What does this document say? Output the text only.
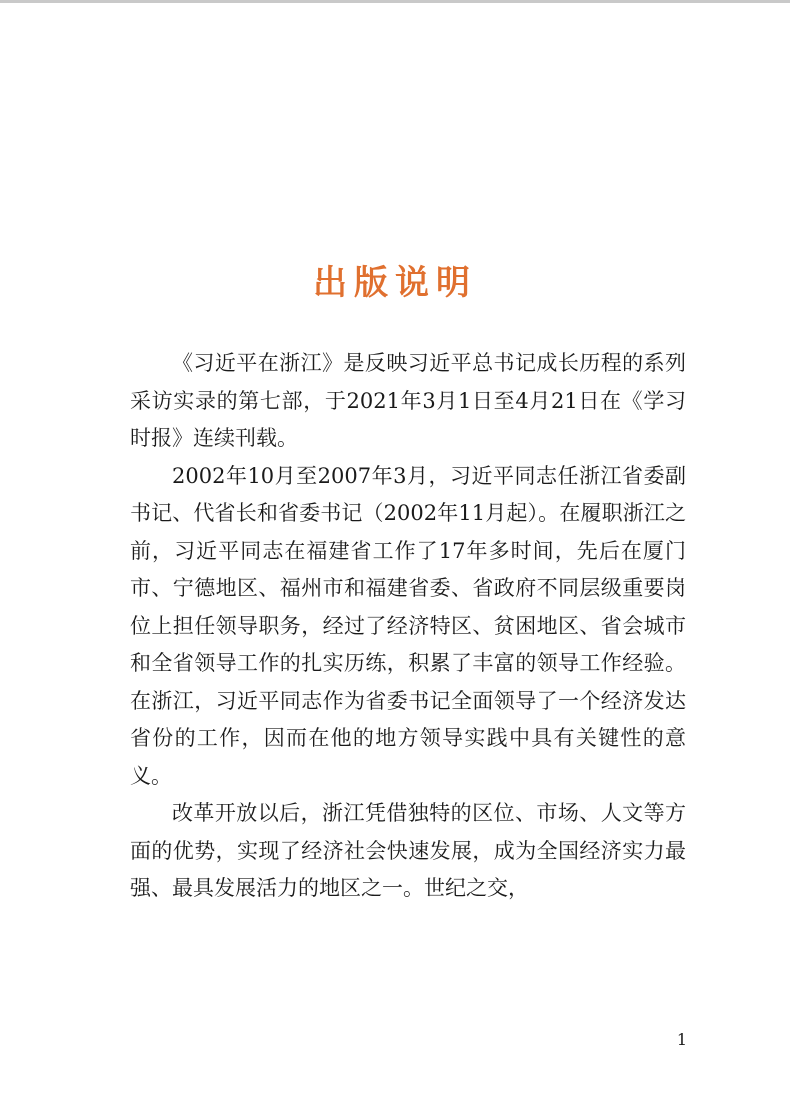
出版说明

《习近平在浙江》是反映习近平总书记成长历程的系列采访实录的第七部，于2021年3月1日至4月21日在《学习时报》连续刊载。

2002年10月至2007年3月，习近平同志任浙江省委副书记、代省长和省委书记（2002年11月起）。在履职浙江之前，习近平同志在福建省工作了17年多时间，先后在厦门市、宁德地区、福州市和福建省委、省政府不同层级重要岗位上担任领导职务，经过了经济特区、贫困地区、省会城市和全省领导工作的扎实历练，积累了丰富的领导工作经验。在浙江，习近平同志作为省委书记全面领导了一个经济发达省份的工作，因而在他的地方领导实践中具有关键性的意义。

改革开放以后，浙江凭借独特的区位、市场、人文等方面的优势，实现了经济社会快速发展，成为全国经济实力最强、最具发展活力的地区之一。世纪之交，

1
